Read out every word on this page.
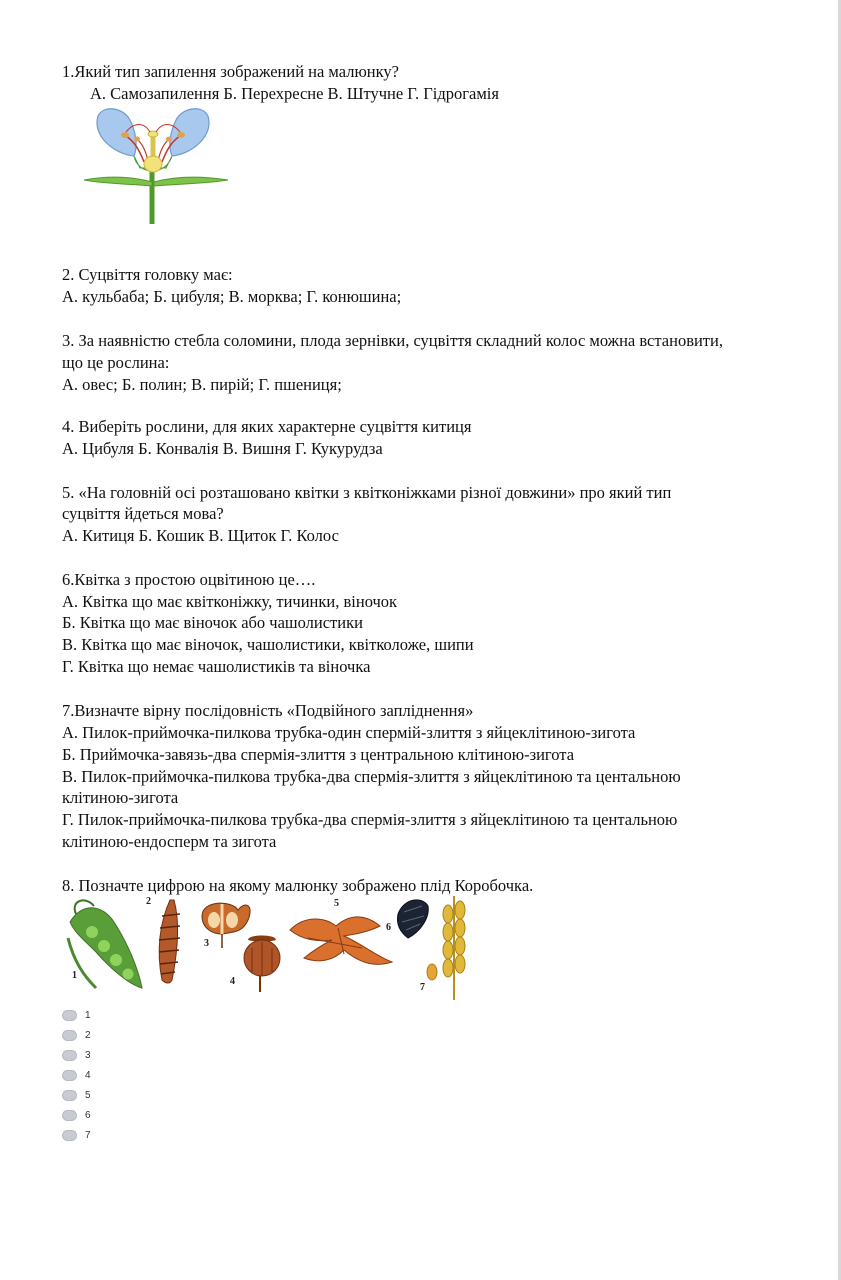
1.Який тип запилення зображений на малюнку?
А. Самозапилення Б. Перехресне В. Штучне Г. Гідрогамія
2. Суцвіття головку має:
А. кульбаба; Б. цибуля; В. морква; Г. конюшина;
3. За наявністю стебла соломини, плода зернівки, суцвіття складний колос можна встановити,
що це рослина:
А. овес; Б. полин; В. пирій; Г. пшениця;
4. Виберіть рослини, для яких характерне суцвіття китиця
А. Цибуля Б. Конвалія В. Вишня Г. Кукурудза
5. «На головній осі розташовано квітки з квітконіжками різної довжини» про який тип
суцвіття йдеться мова?
А. Китиця Б. Кошик В. Щиток Г. Колос
6.Квітка з простою оцвітиною це….
А. Квітка що має квітконіжку, тичинки, віночок
Б. Квітка що має віночок або чашолистики
В. Квітка що має віночок, чашолистики, квітколоже, шипи
Г. Квітка що немає чашолистиків та віночка
7.Визначте вірну послідовність «Подвійного запліднення»
А. Пилок-приймочка-пилкова трубка-один спермій-злиття з яйцеклітиною-зигота
Б. Приймочка-завязь-два спермія-злиття з центральною клітиною-зигота
В. Пилок-приймочка-пилкова трубка-два спермія-злиття з яйцеклітиною та центальною
клітиною-зигота
Г. Пилок-приймочка-пилкова трубка-два спермія-злиття з яйцеклітиною та центальною
клітиною-ендосперм та зигота
8. Позначте цифрою на якому малюнку зображено плід Коробочка.
1
2
3
4
5
6
7
1
2
3
4
5
6
7
